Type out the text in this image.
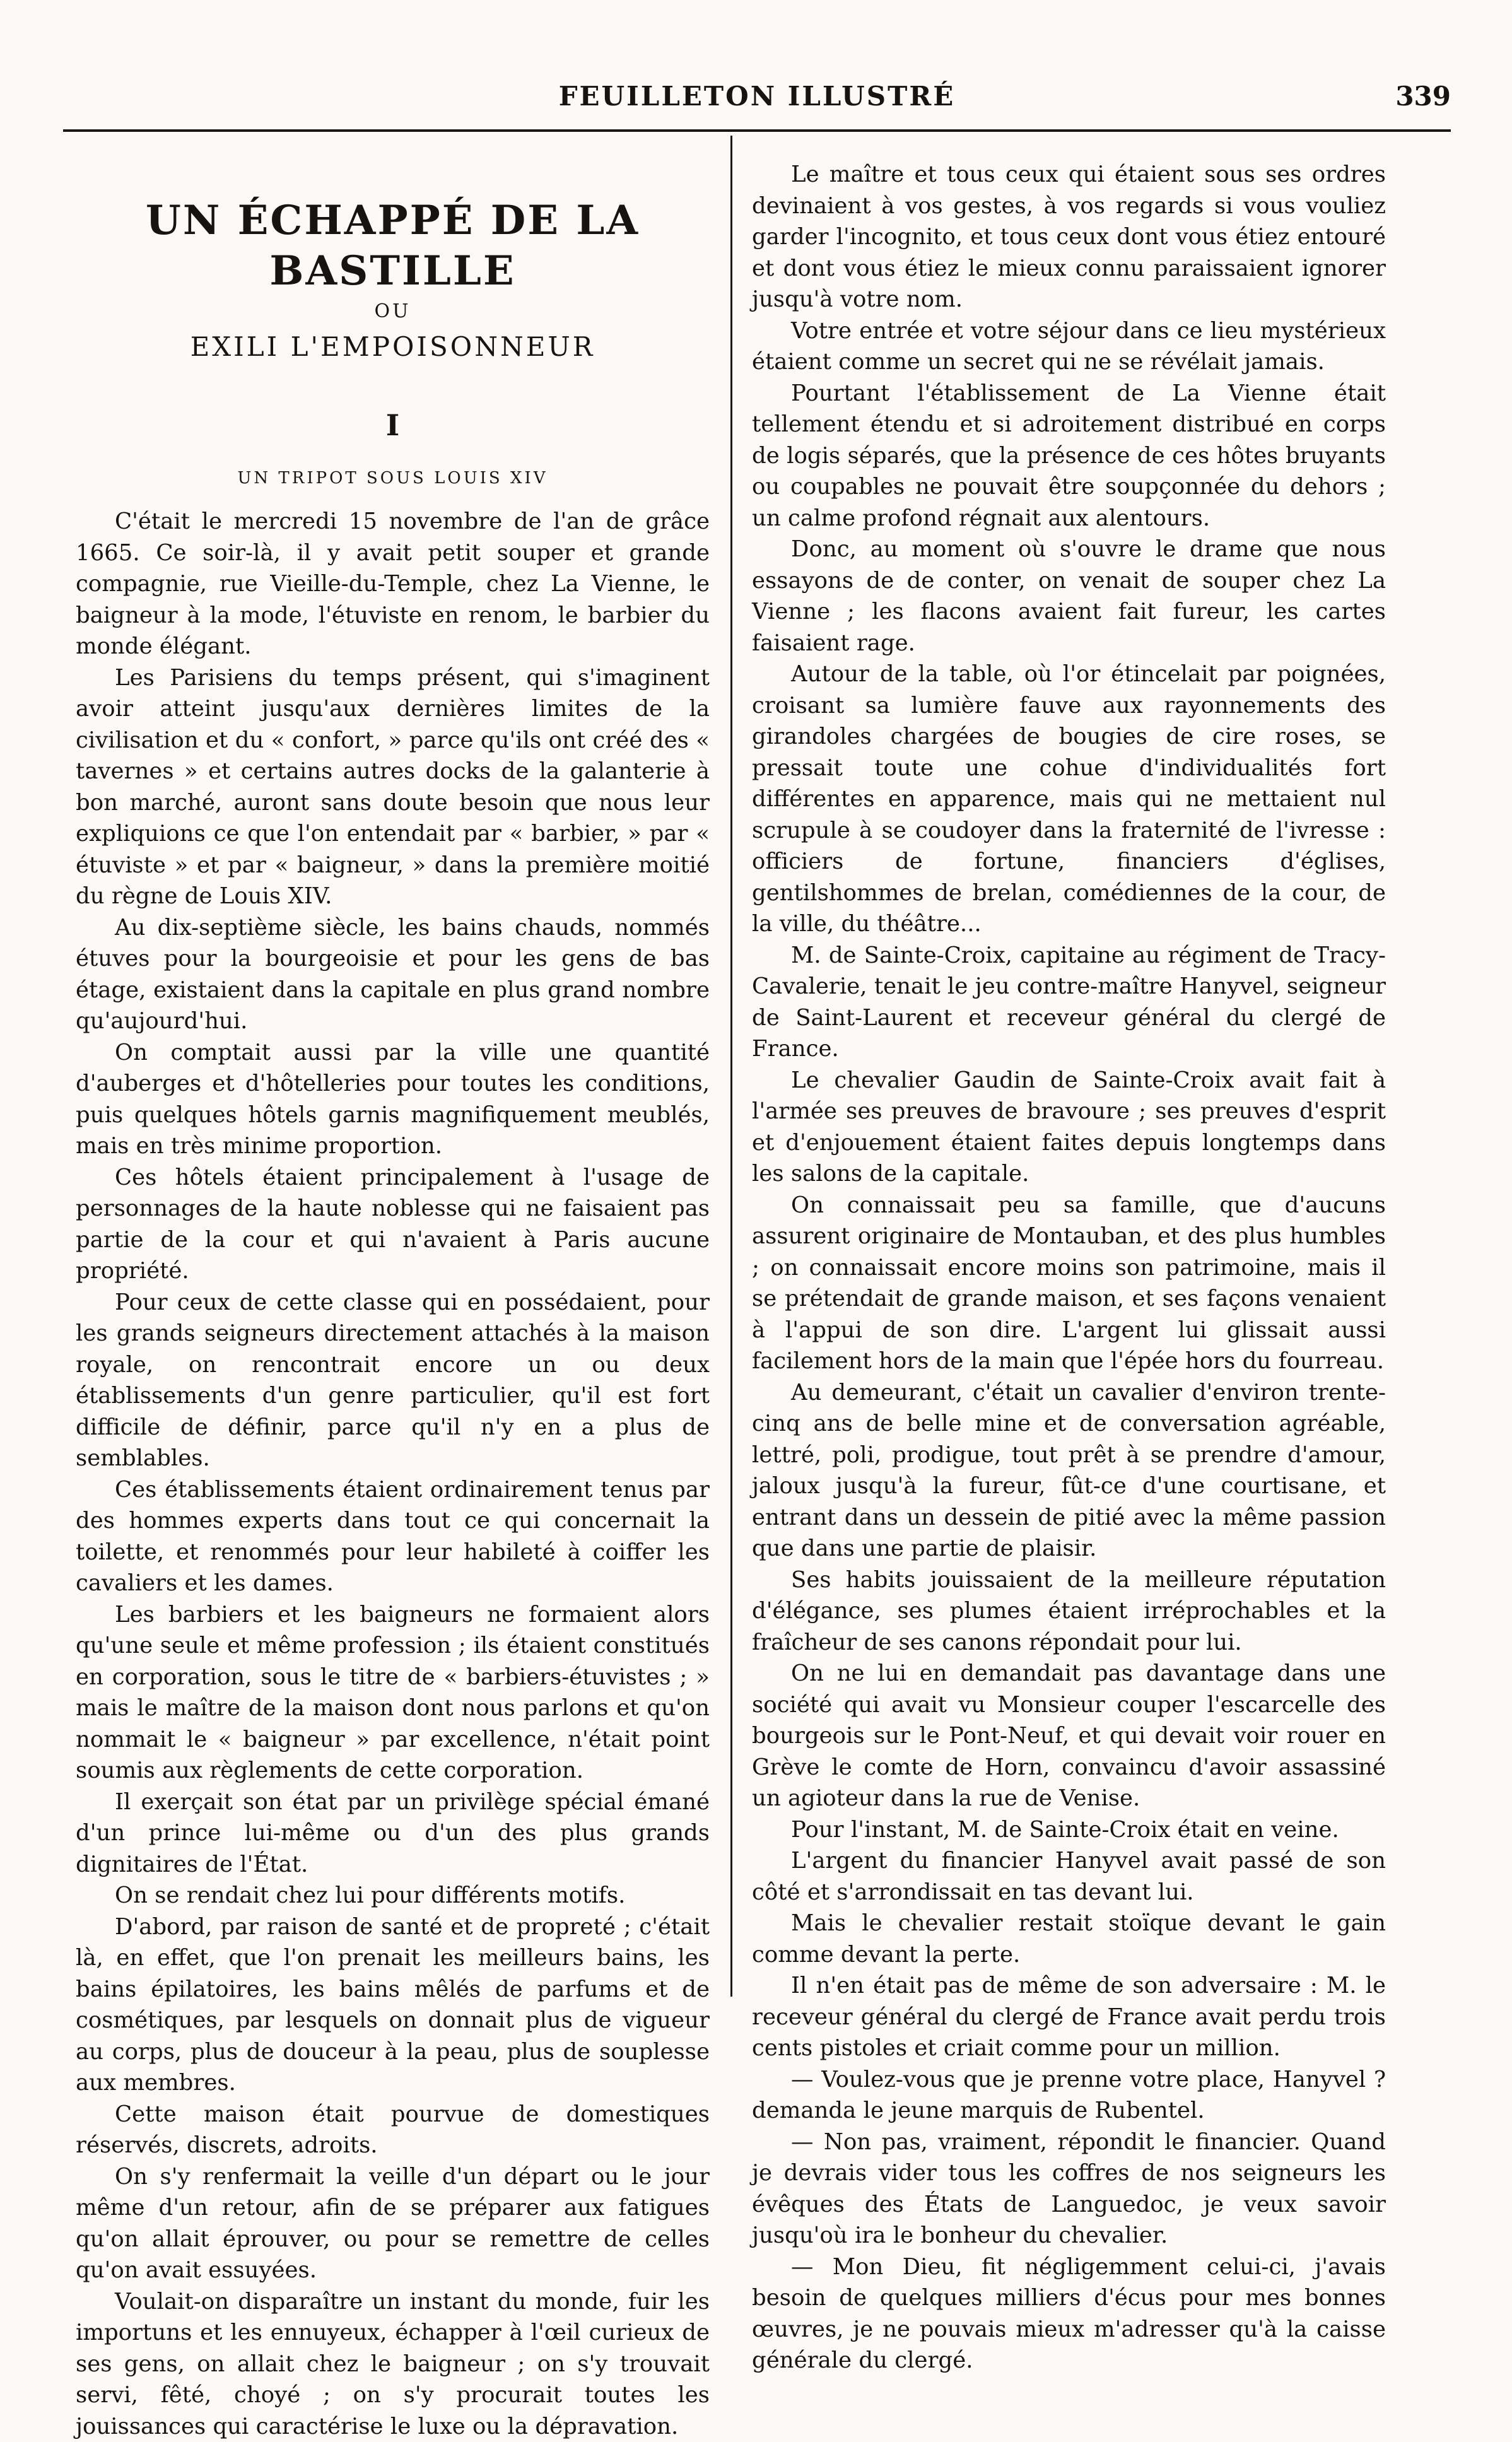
FEUILLETON ILLUSTRÉ	339
UN ÉCHAPPÉ DE LA BASTILLE
OU
EXILI L'EMPOISONNEUR
I
UN TRIPOT SOUS LOUIS XIV

C'était le mercredi 15 novembre de l'an de grâce 1665. Ce soir-là, il y avait petit souper et grande compagnie, rue Vieille-du-Temple, chez La Vienne, le baigneur à la mode, l'étuviste en renom, le barbier du monde élégant.

Les Parisiens du temps présent, qui s'imaginent avoir atteint jusqu'aux dernières limites de la civilisation et du « confort, » parce qu'ils ont créé des « tavernes » et certains autres docks de la galanterie à bon marché, auront sans doute besoin que nous leur expliquions ce que l'on entendait par « barbier, » par « étuviste » et par « baigneur, » dans la première moitié du règne de Louis XIV.

Au dix-septième siècle, les bains chauds, nommés étuves pour la bourgeoisie et pour les gens de bas étage, existaient dans la capitale en plus grand nombre qu'aujourd'hui.

On comptait aussi par la ville une quantité d'auberges et d'hôtelleries pour toutes les conditions, puis quelques hôtels garnis magnifiquement meublés, mais en très minime proportion.

Ces hôtels étaient principalement à l'usage de personnages de la haute noblesse qui ne faisaient pas partie de la cour et qui n'avaient à Paris aucune propriété.

Pour ceux de cette classe qui en possédaient, pour les grands seigneurs directement attachés à la maison royale, on rencontrait encore un ou deux établissements d'un genre particulier, qu'il est fort difficile de définir, parce qu'il n'y en a plus de semblables.

Ces établissements étaient ordinairement tenus par des hommes experts dans tout ce qui concernait la toilette, et renommés pour leur habileté à coiffer les cavaliers et les dames.

Les barbiers et les baigneurs ne formaient alors qu'une seule et même profession ; ils étaient constitués en corporation, sous le titre de « barbiers-étuvistes ; » mais le maître de la maison dont nous parlons et qu'on nommait le « baigneur » par excellence, n'était point soumis aux règlements de cette corporation.

Il exerçait son état par un privilège spécial émané d'un prince lui-même ou d'un des plus grands dignitaires de l'État.

On se rendait chez lui pour différents motifs.

D'abord, par raison de santé et de propreté ; c'était là, en effet, que l'on prenait les meilleurs bains, les bains épilatoires, les bains mêlés de parfums et de cosmétiques, par lesquels on donnait plus de vigueur au corps, plus de douceur à la peau, plus de souplesse aux membres.

Cette maison était pourvue de domestiques réservés, discrets, adroits.

On s'y renfermait la veille d'un départ ou le jour même d'un retour, afin de se préparer aux fatigues qu'on allait éprouver, ou pour se remettre de celles qu'on avait essuyées.

Voulait-on disparaître un instant du monde, fuir les importuns et les ennuyeux, échapper à l'œil curieux de ses gens, on allait chez le baigneur ; on s'y trouvait servi, fêté, choyé ; on s'y procurait toutes les jouissances qui caractérise le luxe ou la dépravation.

Le maître et tous ceux qui étaient sous ses ordres devinaient à vos gestes, à vos regards si vous vouliez garder l'incognito, et tous ceux dont vous étiez entouré et dont vous étiez le mieux connu paraissaient ignorer jusqu'à votre nom.

Votre entrée et votre séjour dans ce lieu mystérieux étaient comme un secret qui ne se révélait jamais.

Pourtant l'établissement de La Vienne était tellement étendu et si adroitement distribué en corps de logis séparés, que la présence de ces hôtes bruyants ou coupables ne pouvait être soupçonnée du dehors ; un calme profond régnait aux alentours.

Donc, au moment où s'ouvre le drame que nous essayons de de conter, on venait de souper chez La Vienne ; les flacons avaient fait fureur, les cartes faisaient rage.

Autour de la table, où l'or étincelait par poignées, croisant sa lumière fauve aux rayonnements des girandoles chargées de bougies de cire roses, se pressait toute une cohue d'individualités fort différentes en apparence, mais qui ne mettaient nul scrupule à se coudoyer dans la fraternité de l'ivresse : officiers de fortune, financiers d'églises, gentilshommes de brelan, comédiennes de la cour, de la ville, du théâtre...

M. de Sainte-Croix, capitaine au régiment de Tracy-Cavalerie, tenait le jeu contre-maître Hanyvel, seigneur de Saint-Laurent et receveur général du clergé de France.

Le chevalier Gaudin de Sainte-Croix avait fait à l'armée ses preuves de bravoure ; ses preuves d'esprit et d'enjouement étaient faites depuis longtemps dans les salons de la capitale.

On connaissait peu sa famille, que d'aucuns assurent originaire de Montauban, et des plus humbles ; on connaissait encore moins son patrimoine, mais il se prétendait de grande maison, et ses façons venaient à l'appui de son dire. L'argent lui glissait aussi facilement hors de la main que l'épée hors du fourreau.

Au demeurant, c'était un cavalier d'environ trente-cinq ans de belle mine et de conversation agréable, lettré, poli, prodigue, tout prêt à se prendre d'amour, jaloux jusqu'à la fureur, fût-ce d'une courtisane, et entrant dans un dessein de pitié avec la même passion que dans une partie de plaisir.

Ses habits jouissaient de la meilleure réputation d'élégance, ses plumes étaient irréprochables et la fraîcheur de ses canons répondait pour lui.

On ne lui en demandait pas davantage dans une société qui avait vu Monsieur couper l'escarcelle des bourgeois sur le Pont-Neuf, et qui devait voir rouer en Grève le comte de Horn, convaincu d'avoir assassiné un agioteur dans la rue de Venise.

Pour l'instant, M. de Sainte-Croix était en veine.

L'argent du financier Hanyvel avait passé de son côté et s'arrondissait en tas devant lui.

Mais le chevalier restait stoïque devant le gain comme devant la perte.

Il n'en était pas de même de son adversaire : M. le receveur général du clergé de France avait perdu trois cents pistoles et criait comme pour un million.

— Voulez-vous que je prenne votre place, Hanyvel ? demanda le jeune marquis de Rubentel.

— Non pas, vraiment, répondit le financier. Quand je devrais vider tous les coffres de nos seigneurs les évêques des États de Languedoc, je veux savoir jusqu'où ira le bonheur du chevalier.

— Mon Dieu, fit négligemment celui-ci, j'avais besoin de quelques milliers d'écus pour mes bonnes œuvres, je ne pouvais mieux m'adresser qu'à la caisse générale du clergé.
